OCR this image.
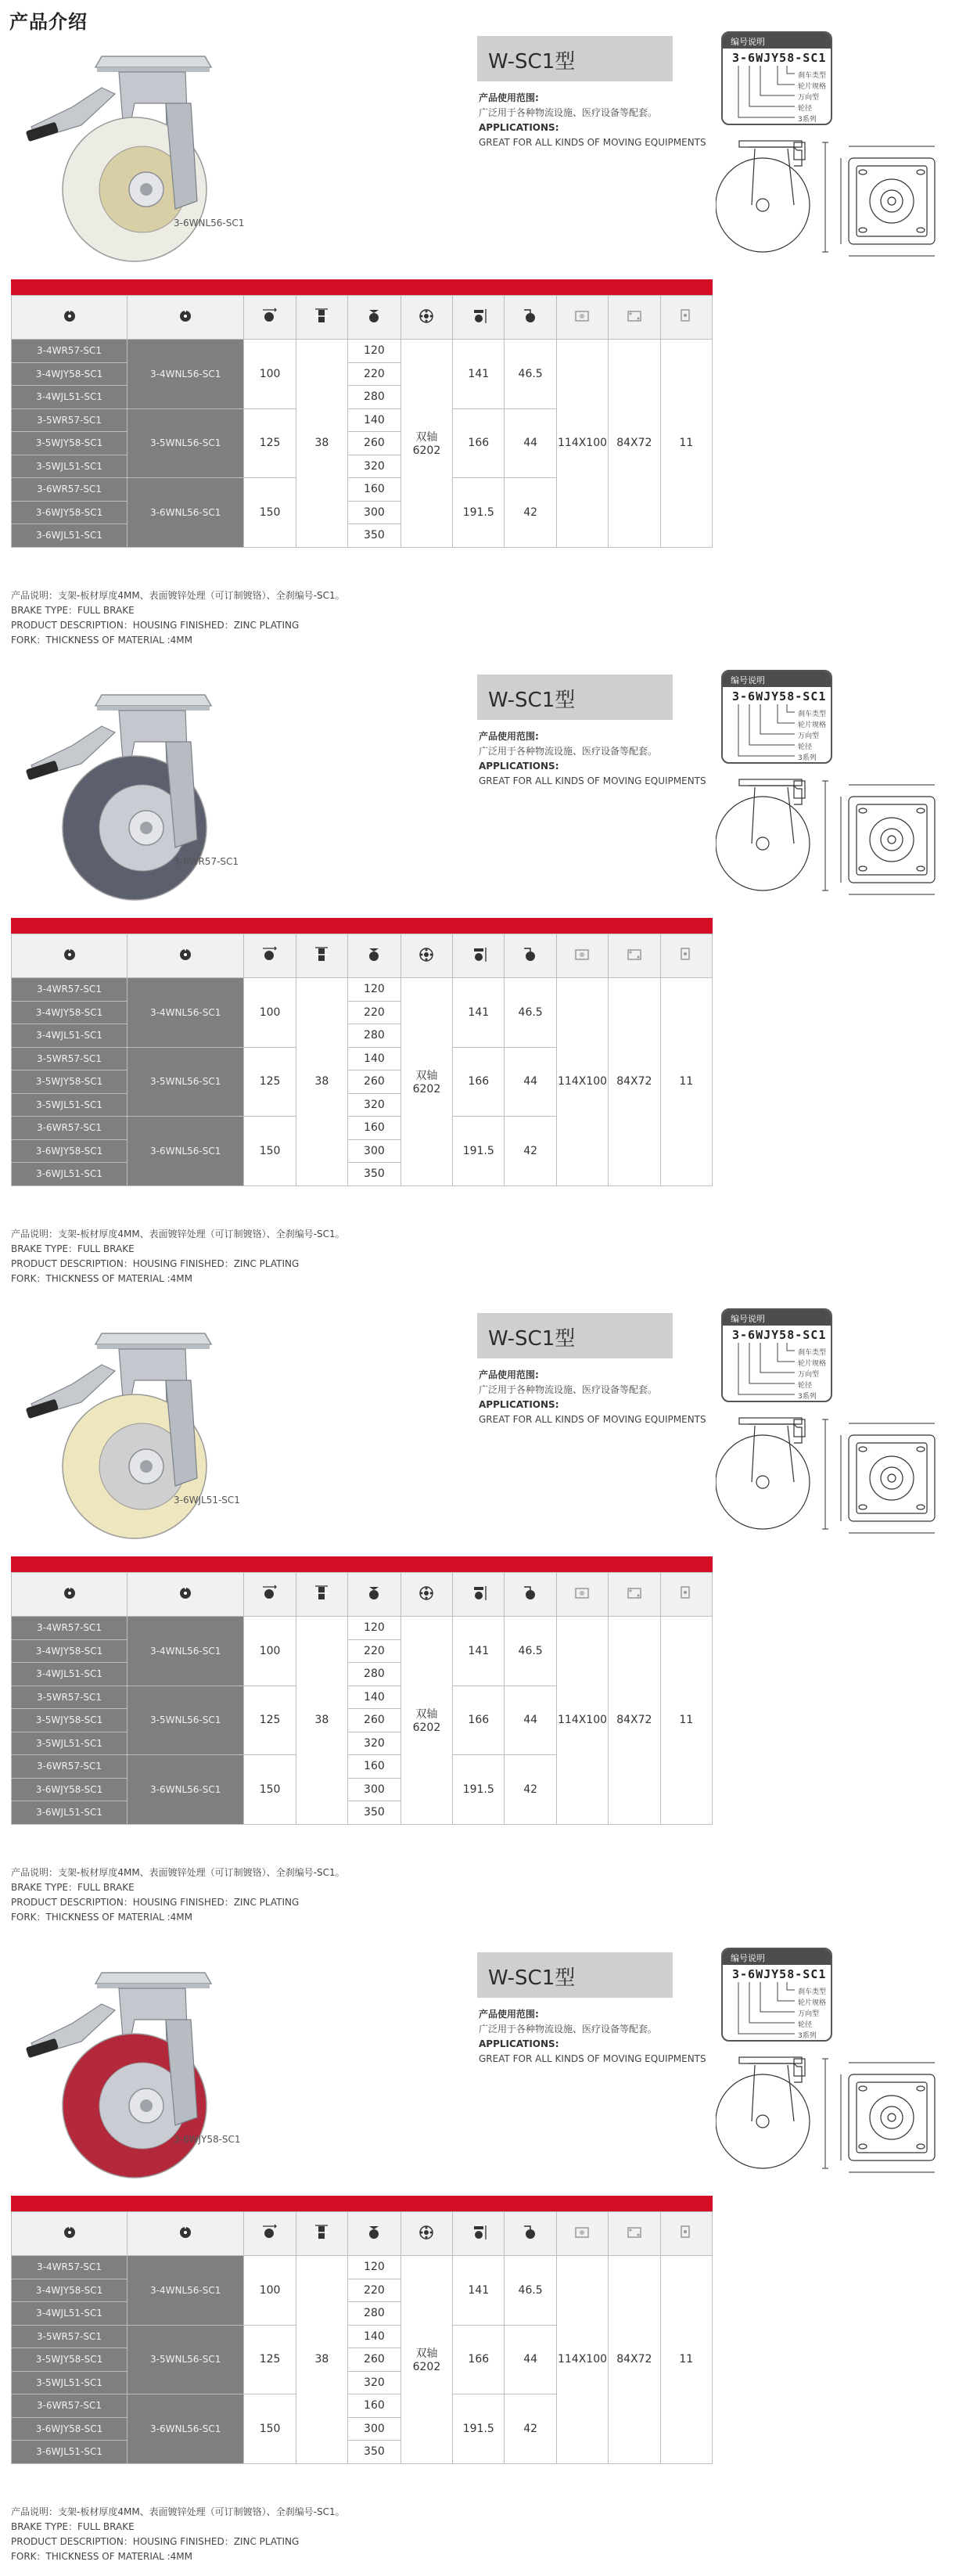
产品介绍
3-6WNL56-SC1
W-SC1型
产品使用范围:
广泛用于各种物流设施、医疗设备等配套。
APPLICATIONS:
GREAT FOR ALL KINDS OF MOVING EQUIPMENTS
编号说明
3-6WJY58-SC1
刹车类型
轮片规格
万向型
轮径
3系列

3-4WR57-SC1	3-4WNL56-SC1	100	38	120	双轴 6202	141	46.5	114X100	84X72	11
3-4WJY58-SC1				220						
3-4WJL51-SC1				280						
3-5WR57-SC1	3-5WNL56-SC1	125		140		166	44			
3-5WJY58-SC1				260						
3-5WJL51-SC1				320						
3-6WR57-SC1	3-6WNL56-SC1	150		160		191.5	42			
3-6WJY58-SC1				300						
3-6WJL51-SC1				350						
产品说明：支架-板材厚度4MM、表面镀锌处理（可订制镀铬）、全刹编号-SC1。
BRAKE TYPE：FULL BRAKE
PRODUCT DESCRIPTION：HOUSING FINISHED：ZINC PLATING
FORK：THICKNESS OF MATERIAL :4MM
3-6WR57-SC1
W-SC1型
产品使用范围:
广泛用于各种物流设施、医疗设备等配套。
APPLICATIONS:
GREAT FOR ALL KINDS OF MOVING EQUIPMENTS
编号说明
3-6WJY58-SC1
刹车类型
轮片规格
万向型
轮径
3系列

3-4WR57-SC1	3-4WNL56-SC1	100	38	120	双轴 6202	141	46.5	114X100	84X72	11
3-4WJY58-SC1				220						
3-4WJL51-SC1				280						
3-5WR57-SC1	3-5WNL56-SC1	125		140		166	44			
3-5WJY58-SC1				260						
3-5WJL51-SC1				320						
3-6WR57-SC1	3-6WNL56-SC1	150		160		191.5	42			
3-6WJY58-SC1				300						
3-6WJL51-SC1				350						
产品说明：支架-板材厚度4MM、表面镀锌处理（可订制镀铬）、全刹编号-SC1。
BRAKE TYPE：FULL BRAKE
PRODUCT DESCRIPTION：HOUSING FINISHED：ZINC PLATING
FORK：THICKNESS OF MATERIAL :4MM
3-6WJL51-SC1
W-SC1型
产品使用范围:
广泛用于各种物流设施、医疗设备等配套。
APPLICATIONS:
GREAT FOR ALL KINDS OF MOVING EQUIPMENTS
编号说明
3-6WJY58-SC1
刹车类型
轮片规格
万向型
轮径
3系列

3-4WR57-SC1	3-4WNL56-SC1	100	38	120	双轴 6202	141	46.5	114X100	84X72	11
3-4WJY58-SC1				220						
3-4WJL51-SC1				280						
3-5WR57-SC1	3-5WNL56-SC1	125		140		166	44			
3-5WJY58-SC1				260						
3-5WJL51-SC1				320						
3-6WR57-SC1	3-6WNL56-SC1	150		160		191.5	42			
3-6WJY58-SC1				300						
3-6WJL51-SC1				350						
产品说明：支架-板材厚度4MM、表面镀锌处理（可订制镀铬）、全刹编号-SC1。
BRAKE TYPE：FULL BRAKE
PRODUCT DESCRIPTION：HOUSING FINISHED：ZINC PLATING
FORK：THICKNESS OF MATERIAL :4MM
3-6WJY58-SC1
W-SC1型
产品使用范围:
广泛用于各种物流设施、医疗设备等配套。
APPLICATIONS:
GREAT FOR ALL KINDS OF MOVING EQUIPMENTS
编号说明
3-6WJY58-SC1
刹车类型
轮片规格
万向型
轮径
3系列

3-4WR57-SC1	3-4WNL56-SC1	100	38	120	双轴 6202	141	46.5	114X100	84X72	11
3-4WJY58-SC1				220						
3-4WJL51-SC1				280						
3-5WR57-SC1	3-5WNL56-SC1	125		140		166	44			
3-5WJY58-SC1				260						
3-5WJL51-SC1				320						
3-6WR57-SC1	3-6WNL56-SC1	150		160		191.5	42			
3-6WJY58-SC1				300						
3-6WJL51-SC1				350						
产品说明：支架-板材厚度4MM、表面镀锌处理（可订制镀铬）、全刹编号-SC1。
BRAKE TYPE：FULL BRAKE
PRODUCT DESCRIPTION：HOUSING FINISHED：ZINC PLATING
FORK：THICKNESS OF MATERIAL :4MM
